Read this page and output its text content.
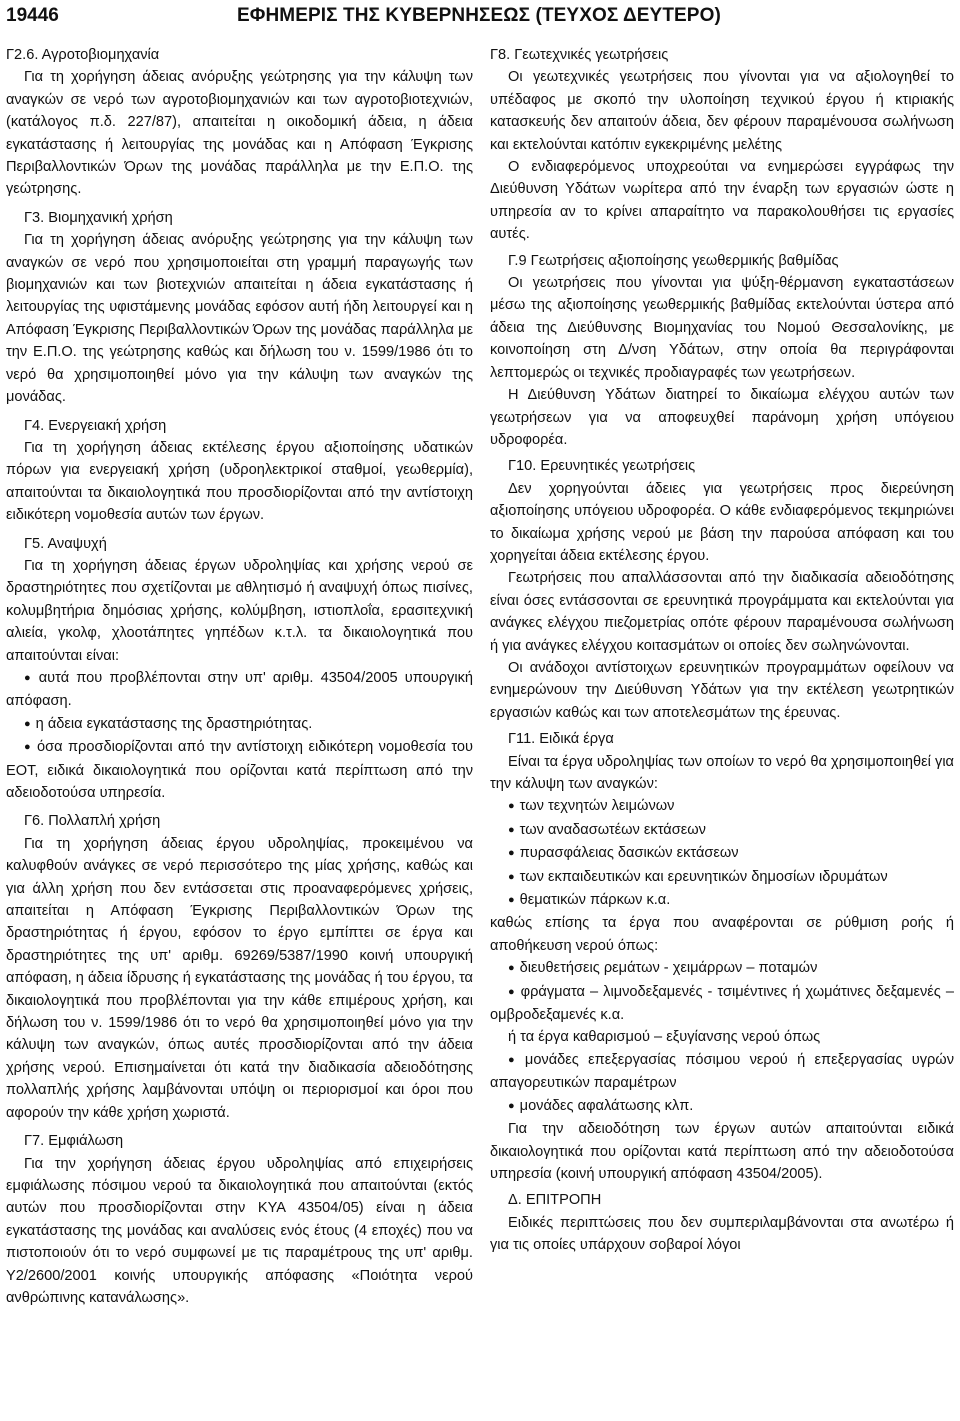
19446	ΕΦΗΜΕΡΙΣ ΤΗΣ ΚΥΒΕΡΝΗΣΕΩΣ (ΤΕΥΧΟΣ ΔΕΥΤΕΡΟ)

Γ2.6. Αγροτοβιομηχανία

Για τη χορήγηση άδειας ανόρυξης γεώτρησης για την κάλυψη των αναγκών σε νερό των αγροτοβιομηχανιών και των αγροτοβιοτεχνιών, (κατάλογος π.δ. 227/87), απαιτείται η οικοδομική άδεια, η άδεια εγκατάστασης ή λειτουργίας της μονάδας και η Απόφαση Έγκρισης Περιβαλλοντικών Όρων της μονάδας παράλληλα με την Ε.Π.Ο. της γεώτρησης.

Γ3. Βιομηχανική χρήση

Για τη χορήγηση άδειας ανόρυξης γεώτρησης για την κάλυψη των αναγκών σε νερό που χρησιμοποιείται στη γραμμή παραγωγής των βιομηχανιών και των βιοτεχνιών απαιτείται η άδεια εγκατάστασης ή λειτουργίας της υφιστάμενης μονάδας εφόσον αυτή ήδη λειτουργεί και η Απόφαση Έγκρισης Περιβαλλοντικών Όρων της μονάδας παράλληλα με την Ε.Π.Ο. της γεώτρησης καθώς και δήλωση του ν. 1599/1986 ότι το νερό θα χρησιμοποιηθεί μόνο για την κάλυψη των αναγκών της μονάδας.

Γ4. Ενεργειακή χρήση

Για τη χορήγηση άδειας εκτέλεσης έργου αξιοποίησης υδατικών πόρων για ενεργειακή χρήση (υδροηλεκτρικοί σταθμοί, γεωθερμία), απαιτούνται τα δικαιολογητικά που προσδιορίζονται από την αντίστοιχη ειδικότερη νομοθεσία αυτών των έργων.

Γ5. Αναψυχή

Για τη χορήγηση άδειας έργων υδροληψίας και χρήσης νερού σε δραστηριότητες που σχετίζονται με αθλητισμό ή αναψυχή όπως πισίνες, κολυμβητήρια δημόσιας χρήσης, κολύμβηση, ιστιοπλοΐα, ερασιτεχνική αλιεία, γκολφ, χλοοτάπητες γηπέδων κ.τ.λ. τα δικαιολογητικά που απαιτούνται είναι:

● αυτά που προβλέπονται στην υπ' αριθμ. 43504/2005 υπουργική απόφαση.

● η άδεια εγκατάστασης της δραστηριότητας.

● όσα προσδιορίζονται από την αντίστοιχη ειδικότερη νομοθεσία του ΕΟΤ, ειδικά δικαιολογητικά που ορίζονται κατά περίπτωση από την αδειοδοτούσα υπηρεσία.

Γ6. Πολλαπλή χρήση

Για τη χορήγηση άδειας έργου υδροληψίας, προκειμένου να καλυφθούν ανάγκες σε νερό περισσότερο της μίας χρήσης, καθώς και για άλλη χρήση που δεν εντάσσεται στις προαναφερόμενες χρήσεις, απαιτείται η Απόφαση Έγκρισης Περιβαλλοντικών Όρων της δραστηριότητας ή έργου, εφόσον το έργο εμπίπτει σε έργα και δραστηριότητες της υπ' αριθμ. 69269/5387/1990 κοινή υπουργική απόφαση, η άδεια ίδρυσης ή εγκατάστασης της μονάδας ή του έργου, τα δικαιολογητικά που προβλέπονται για την κάθε επιμέρους χρήση, και δήλωση του ν. 1599/1986 ότι το νερό θα χρησιμοποιηθεί μόνο για την κάλυψη των αναγκών, όπως αυτές προσδιορίζονται από την άδεια χρήσης νερού. Επισημαίνεται ότι κατά την διαδικασία αδειοδότησης πολλαπλής χρήσης λαμβάνονται υπόψη οι περιορισμοί και όροι που αφορούν την κάθε χρήση χωριστά.

Γ7. Εμφιάλωση

Για την χορήγηση άδειας έργου υδροληψίας από επιχειρήσεις εμφιάλωσης πόσιμου νερού τα δικαιολογητικά που απαιτούνται (εκτός αυτών που προσδιορίζονται στην ΚΥΑ 43504/05) είναι η άδεια εγκατάστασης της μονάδας και αναλύσεις ενός έτους (4 εποχές) που να πιστοποιούν ότι το νερό συμφωνεί με τις παραμέτρους της υπ' αριθμ. Υ2/2600/2001 κοινής υπουργικής απόφασης «Ποιότητα νερού ανθρώπινης κατανάλωσης».

Γ8. Γεωτεχνικές γεωτρήσεις

Οι γεωτεχνικές γεωτρήσεις που γίνονται για να αξιολογηθεί το υπέδαφος με σκοπό την υλοποίηση τεχνικού έργου ή κτιριακής κατασκευής δεν απαιτούν άδεια, δεν φέρουν παραμένουσα σωλήνωση και εκτελούνται κατόπιν εγκεκριμένης μελέτης

Ο ενδιαφερόμενος υποχρεούται να ενημερώσει εγγράφως την Διεύθυνση Υδάτων νωρίτερα από την έναρξη των εργασιών ώστε η υπηρεσία αν το κρίνει απαραίτητο να παρακολουθήσει τις εργασίες αυτές.

Γ.9 Γεωτρήσεις αξιοποίησης γεωθερμικής βαθμίδας

Οι γεωτρήσεις που γίνονται για ψύξη-θέρμανση εγκαταστάσεων μέσω της αξιοποίησης γεωθερμικής βαθμίδας εκτελούνται ύστερα από άδεια της Διεύθυνσης Βιομηχανίας του Νομού Θεσσαλονίκης, με κοινοποίηση στη Δ/νση Υδάτων, στην οποία θα περιγράφονται λεπτομερώς οι τεχνικές προδιαγραφές των γεωτρήσεων.

Η Διεύθυνση Υδάτων διατηρεί το δικαίωμα ελέγχου αυτών των γεωτρήσεων για να αποφευχθεί παράνομη χρήση υπόγειου υδροφορέα.

Γ10. Ερευνητικές γεωτρήσεις

Δεν χορηγούνται άδειες για γεωτρήσεις προς διερεύνηση αξιοποίησης υπόγειου υδροφορέα. Ο κάθε ενδιαφερόμενος τεκμηριώνει το δικαίωμα χρήσης νερού με βάση την παρούσα απόφαση και του χορηγείται άδεια εκτέλεσης έργου.

Γεωτρήσεις που απαλλάσσονται από την διαδικασία αδειοδότησης είναι όσες εντάσσονται σε ερευνητικά προγράμματα και εκτελούνται για ανάγκες ελέγχου πιεζομετρίας οπότε φέρουν παραμένουσα σωλήνωση ή για ανάγκες ελέγχου κοιτασμάτων οι οποίες δεν σωληνώνονται.

Οι ανάδοχοι αντίστοιχων ερευνητικών προγραμμάτων οφείλουν να ενημερώνουν την Διεύθυνση Υδάτων για την εκτέλεση γεωτρητικών εργασιών καθώς και των αποτελεσμάτων της έρευνας.

Γ11. Ειδικά έργα

Είναι τα έργα υδροληψίας των οποίων το νερό θα χρησιμοποιηθεί για την κάλυψη των αναγκών:

● των τεχνητών λειμώνων

● των αναδασωτέων εκτάσεων

● πυρασφάλειας δασικών εκτάσεων

● των εκπαιδευτικών και ερευνητικών δημοσίων ιδρυμάτων

● θεματικών πάρκων κ.α.

καθώς επίσης τα έργα που αναφέρονται σε ρύθμιση ροής ή αποθήκευση νερού όπως:

● διευθετήσεις ρεμάτων - χειμάρρων – ποταμών

● φράγματα – λιμνοδεξαμενές - τσιμέντινες ή χωμάτινες δεξαμενές – ομβροδεξαμενές κ.α.

ή τα έργα καθαρισμού – εξυγίανσης νερού όπως

● μονάδες επεξεργασίας πόσιμου νερού ή επεξεργασίας υγρών απαγορευτικών παραμέτρων

● μονάδες αφαλάτωσης κλπ.

Για την αδειοδότηση των έργων αυτών απαιτούνται ειδικά δικαιολογητικά που ορίζονται κατά περίπτωση από την αδειοδοτούσα υπηρεσία (κοινή υπουργική απόφαση 43504/2005).

Δ. ΕΠΙΤΡΟΠΗ

Ειδικές περιπτώσεις που δεν συμπεριλαμβάνονται στα ανωτέρω ή για τις οποίες υπάρχουν σοβαροί λόγοι
